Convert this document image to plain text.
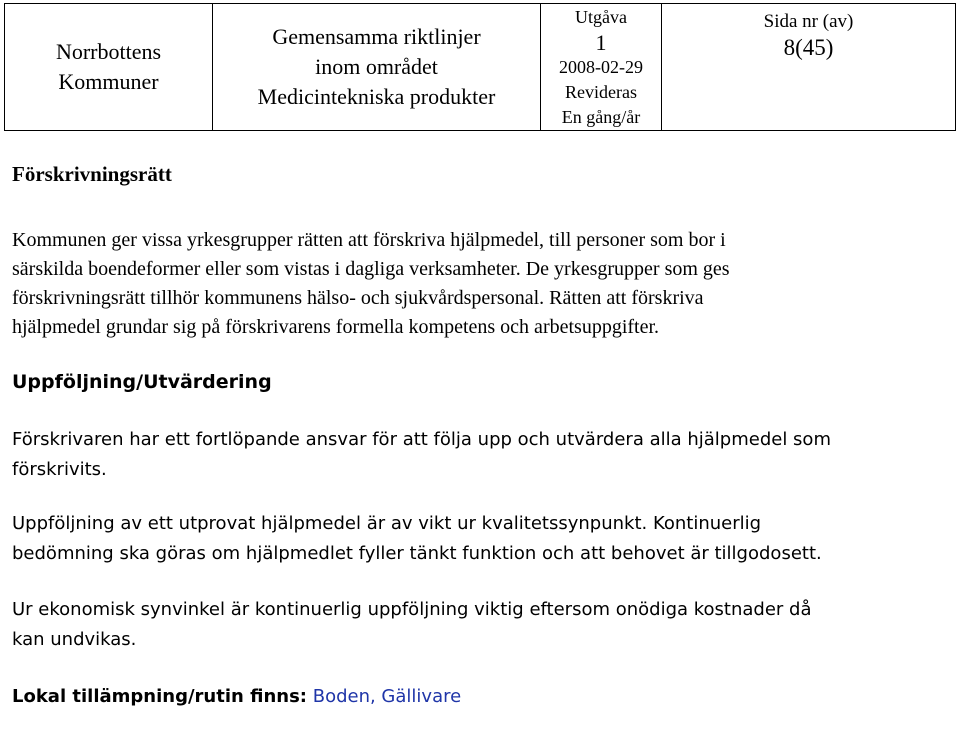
Norrbottens Kommuner	
Gemensamma riktlinjer
inom området
Medicintekniska produkter

Utgåva
1
2008-02-29
Revideras
En gång/år

Sida nr (av)
8(45)
Förskrivningsrätt

Kommunen ger vissa yrkesgrupper rätten att förskriva hjälpmedel, till personer som bor i
särskilda boendeformer eller som vistas i dagliga verksamheter. De yrkesgrupper som ges
förskrivningsrätt tillhör kommunens hälso- och sjukvårdspersonal. Rätten att förskriva
hjälpmedel grundar sig på förskrivarens formella kompetens och arbetsuppgifter.

Uppföljning/Utvärdering

Förskrivaren har ett fortlöpande ansvar för att följa upp och utvärdera alla hjälpmedel som
förskrivits.

Uppföljning av ett utprovat hjälpmedel är av vikt ur kvalitetssynpunkt. Kontinuerlig
bedömning ska göras om hjälpmedlet fyller tänkt funktion och att behovet är tillgodosett.

Ur ekonomisk synvinkel är kontinuerlig uppföljning viktig eftersom onödiga kostnader då
kan undvikas.

Lokal tillämpning/rutin finns: Boden, Gällivare
